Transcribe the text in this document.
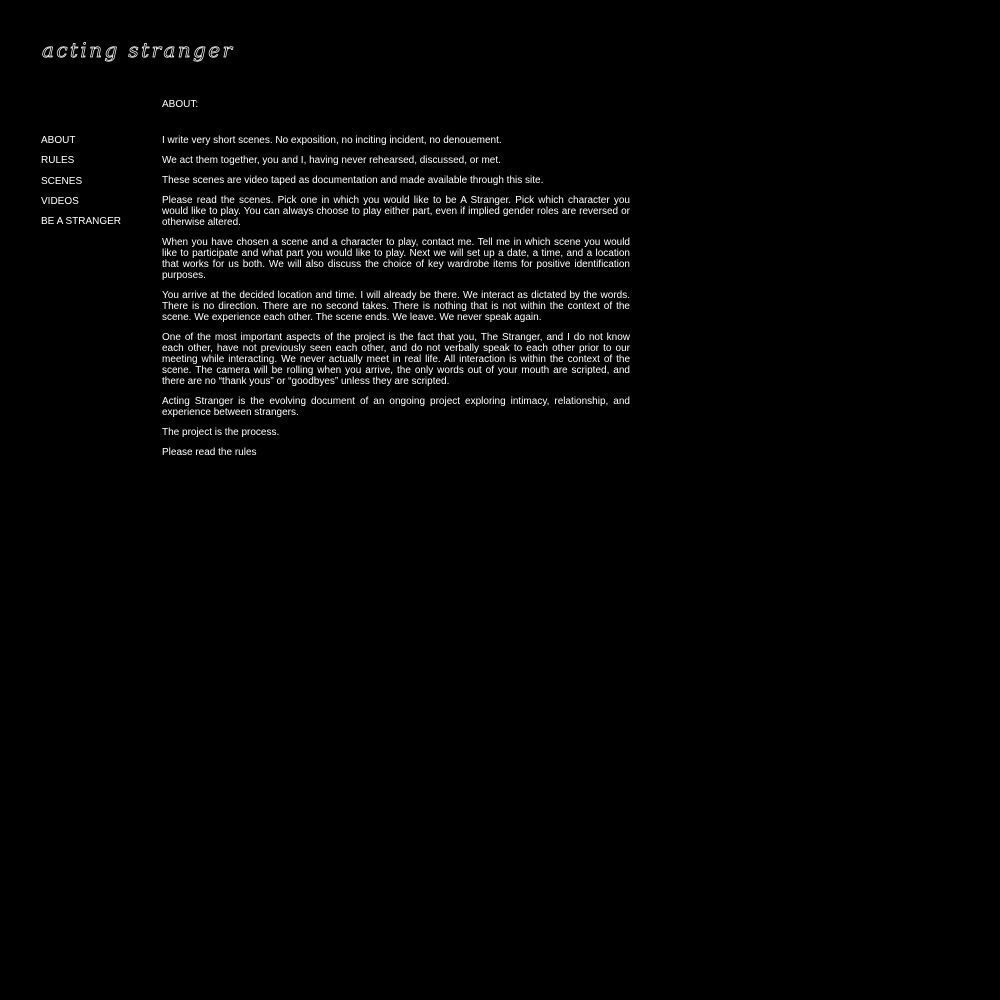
acting stranger
ABOUT:
ABOUT
RULES
SCENES
VIDEOS
BE A STRANGER

I write very short scenes. No exposition, no inciting incident, no denouement.

We act them together, you and I, having never rehearsed, discussed, or met.

These scenes are video taped as documentation and made available through this site.

Please read the scenes. Pick one in which you would like to be A Stranger. Pick which character you would like to play. You can always choose to play either part, even if implied gender roles are reversed or otherwise altered.

When you have chosen a scene and a character to play, contact me. Tell me in which scene you would like to participate and what part you would like to play. Next we will set up a date, a time, and a location that works for us both. We will also discuss the choice of key wardrobe items for positive identification purposes.

You arrive at the decided location and time. I will already be there. We interact as dictated by the words. There is no direction. There are no second takes. There is nothing that is not within the context of the scene. We experience each other. The scene ends. We leave. We never speak again.

One of the most important aspects of the project is the fact that you, The Stranger, and I do not know each other, have not previously seen each other, and do not verbally speak to each other prior to our meeting while interacting. We never actually meet in real life. All interaction is within the context of the scene. The camera will be rolling when you arrive, the only words out of your mouth are scripted, and there are no “thank yous” or “goodbyes” unless they are scripted.

Acting Stranger is the evolving document of an ongoing project exploring intimacy, relationship, and experience between strangers.

The project is the process.

Please read the rules
